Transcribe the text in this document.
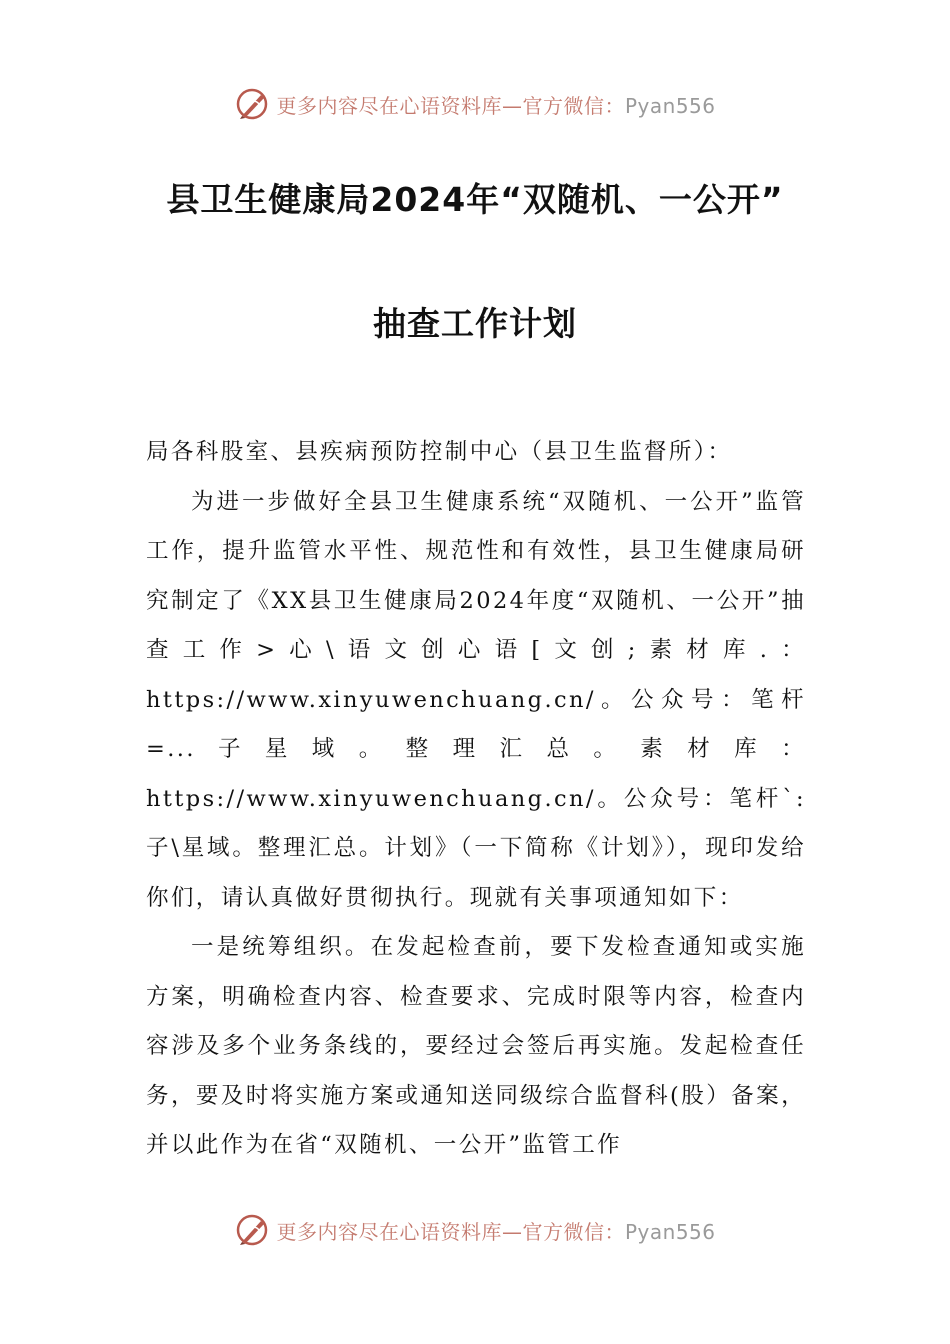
更多内容尽在心语资料库—官方微信：Pyan556
县卫生健康局2024年“双随机、一公开”
抽查工作计划

局各科股室、县疾病预防控制中心（县卫生监督所）：

为进一步做好全县卫生健康系统“双随机、一公开”监管工作，提升监管水平性、规范性和有效性，县卫生健康局研究制定了《XX县卫生健康局2024年度“双随机、一公开”抽查工作>心\语文创心语[文创;素材库.：https://www.xinyuwenchuang.cn/。公众号：笔杆=...子星域。整理汇总。素材库：https://www.xinyuwenchuang.cn/。公众号：笔杆`:子\星域。整理汇总。计划》（一下简称《计划》），现印发给你们，请认真做好贯彻执行。现就有关事项通知如下：

一是统筹组织。在发起检查前，要下发检查通知或实施方案，明确检查内容、检查要求、完成时限等内容，检查内容涉及多个业务条线的，要经过会签后再实施。发起检查任务，要及时将实施方案或通知送同级综合监督科(股）备案，并以此作为在省“双随机、一公开”监管工作

更多内容尽在心语资料库—官方微信：Pyan556
